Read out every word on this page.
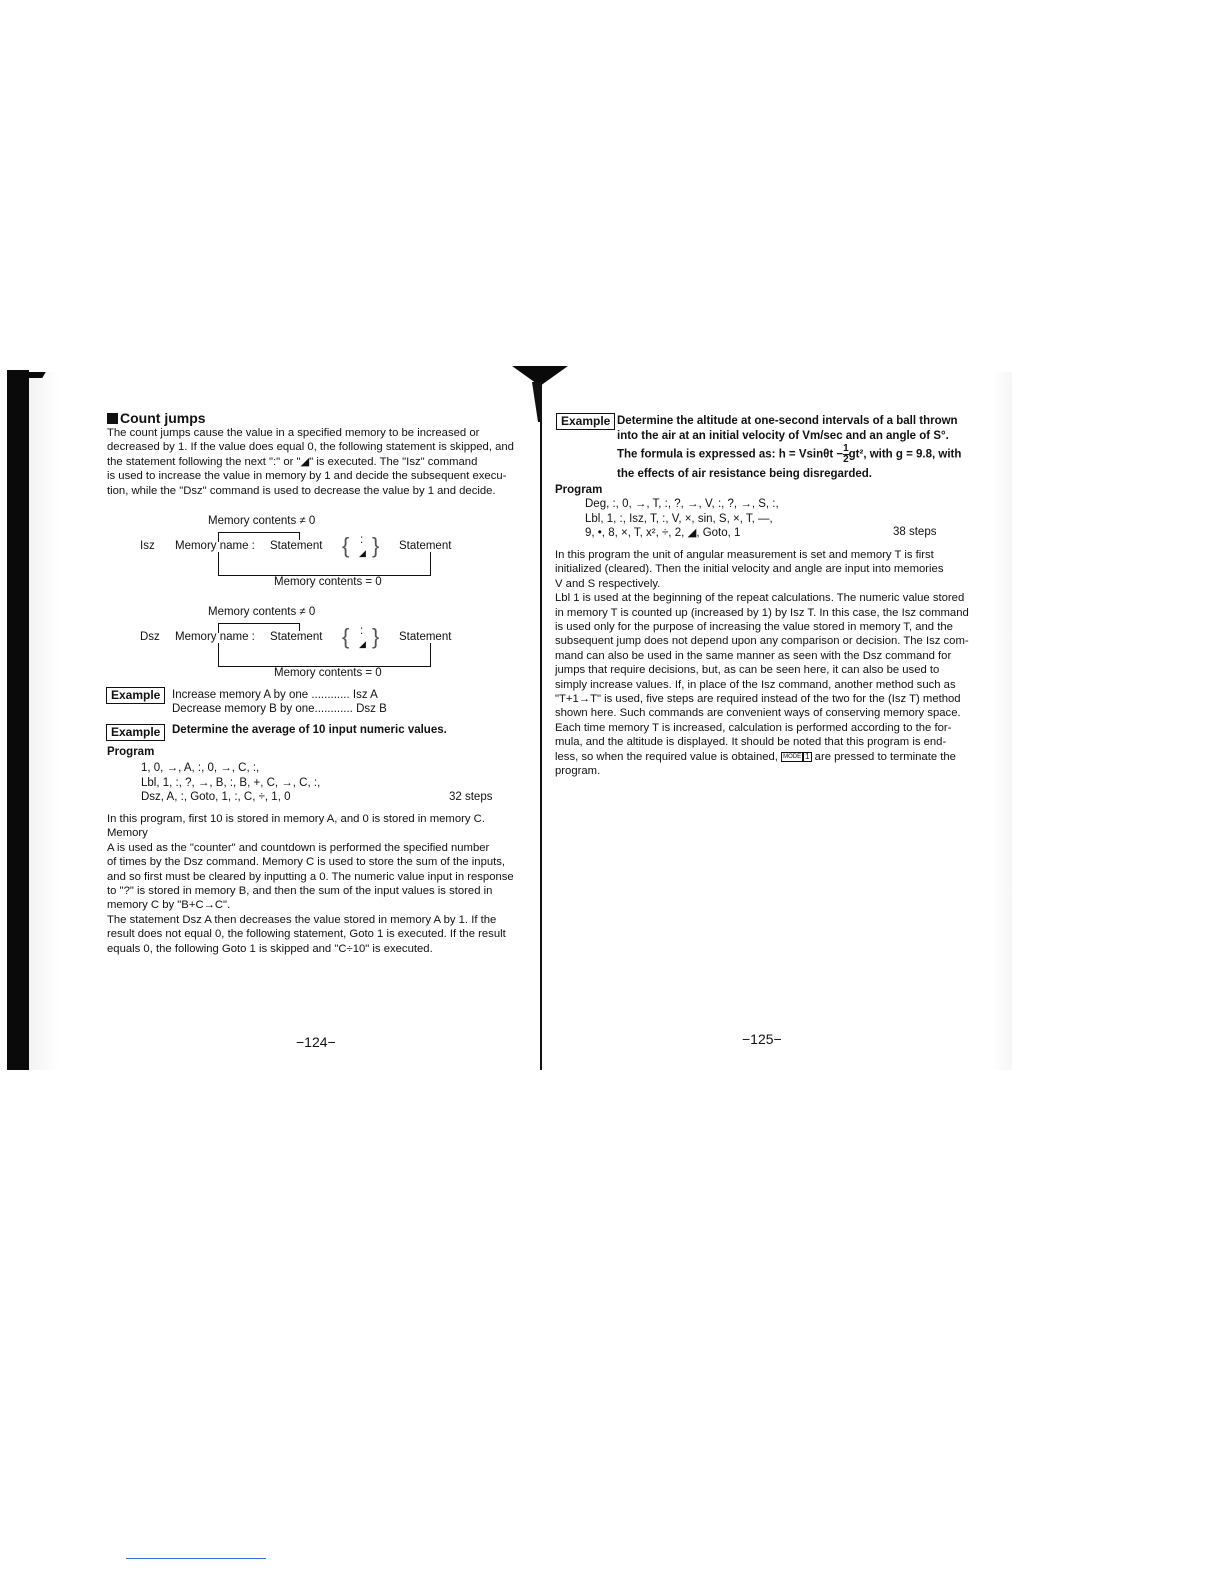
Count jumps
The count jumps cause the value in a specified memory to be increased or
decreased by 1. If the value does equal 0, the following statement is skipped, and
the statement following the next ":" or "◢" is executed. The "Isz" command
is used to increase the value in memory by 1 and decide the subsequent execu-
tion, while the "Dsz" command is used to decrease the value by 1 and decide.
Memory contents ≠ 0
Isz Memory name : Statement { :
◢ } Statement
Memory contents = 0
Memory contents ≠ 0
Dsz Memory name : Statement { :
◢ } Statement
Memory contents = 0
Example	Increase memory A by one ............ Isz A
Decrease memory B by one............ Dsz B
Example	Determine the average of 10 input numeric values.
Program
1, 0, →, A, :, 0, →, C, :,
Lbl, 1, :, ?, →, B, :, B, +, C, →, C, :,
Dsz, A, :, Goto, 1, :, C, ÷, 1, 0	32 steps
In this program, first 10 is stored in memory A, and 0 is stored in memory C. Memory
A is used as the "counter" and countdown is performed the specified number
of times by the Dsz command. Memory C is used to store the sum of the inputs,
and so first must be cleared by inputting a 0. The numeric value input in response
to "?" is stored in memory B, and then the sum of the input values is stored in
memory C by "B+C→C".
The statement Dsz A then decreases the value stored in memory A by 1. If the
result does not equal 0, the following statement, Goto 1 is executed. If the result
equals 0, the following Goto 1 is skipped and "C÷10" is executed.
−124−
Example Determine the altitude at one-second intervals of a ball thrown
into the air at an initial velocity of Vm/sec and an angle of S°.
The formula is expressed as: $h = Vsin\theta t - \frac{1}{2} gt^2$, with g = 9.8, with
the effects of air resistance being disregarded.
Program
Deg, :, 0, →, T, :, ?, →, V, :, ?, →, S, :,
Lbl, 1, :, Isz, T, :, V, ×, sin, S, ×, T, —,
9, •, 8, ×, T, x², ÷, 2, ◢, Goto, 1	38 steps
In this program the unit of angular measurement is set and memory T is first
initialized (cleared). Then the initial velocity and angle are input into memories
V and S respectively.
Lbl 1 is used at the beginning of the repeat calculations. The numeric value stored
in memory T is counted up (increased by 1) by Isz T. In this case, the Isz command
is used only for the purpose of increasing the value stored in memory T, and the
subsequent jump does not depend upon any comparison or decision. The Isz com-
mand can also be used in the same manner as seen with the Dsz command for
jumps that require decisions, but, as can be seen here, it can also be used to
simply increase values. If, in place of the Isz command, another method such as
"T+1→T" is used, five steps are required instead of the two for the (Isz T) method
shown here. Such commands are convenient ways of conserving memory space.
Each time memory T is increased, calculation is performed according to the for-
mula, and the altitude is displayed. It should be noted that this program is end-
less, so when the required value is obtained, MODE 1 are pressed to terminate the
program.
−125−
